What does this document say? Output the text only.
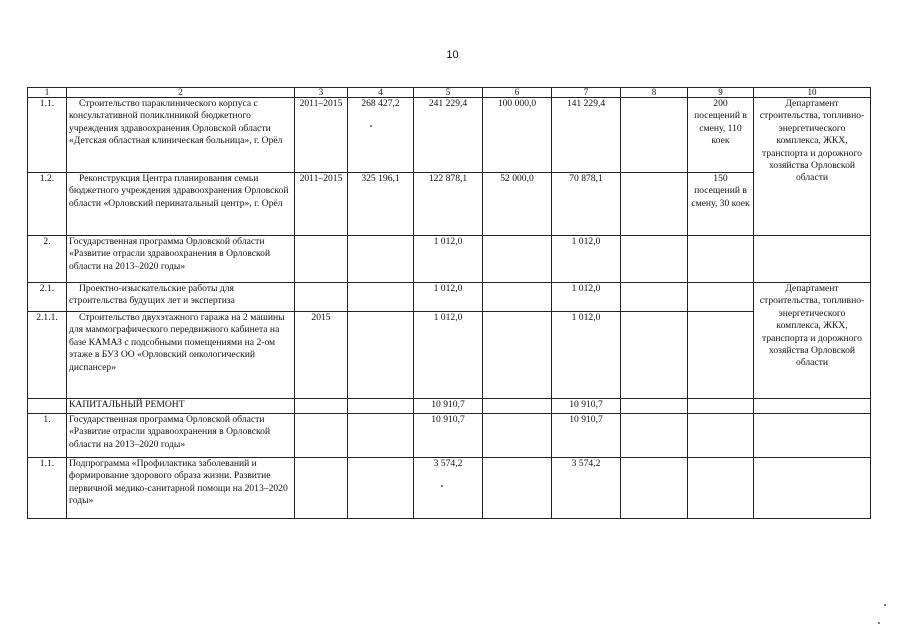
10
1	2	3	4	5	6	7	8	9	10
1.1.	Строительство параклинического корпуса с консультативной поликлиникой бюджетного учреждения здравоохранения Орловской области «Детская областная клиническая больница», г. Орёл	2011–2015	268 427,2	241 229,4	100 000,0	141 229,4		200 посещений в смену, 110 коек	Департамент строительства, топливно-энергетического комплекса, ЖКХ, транспорта и дорожного хозяйства Орловской области
1.2.	Реконструкция Центра планирования семьи бюджетного учреждения здравоохранения Орловской области «Орловский перинатальный центр», г. Орёл	2011–2015	325 196,1	122 878,1	52 000,0	70 878,1		150 посещений в смену, 30 коек	
2.	Государственная программа Орловской области «Развитие отрасли здравоохранения в Орловской области на 2013–2020 годы»			1 012,0		1 012,0			
2.1.	Проектно-изыскательские работы для строительства будущих лет и экспертиза			1 012,0		1 012,0			Департамент строительства, топливно-энергетического комплекса, ЖКХ, транспорта и дорожного хозяйства Орловской области
2.1.1.	Строительство двухэтажного гаража на 2 машины для маммографического передвижного кабинета на базе КАМАЗ с подсобными помещениями на 2-ом этаже в БУЗ ОО «Орловский онкологический диспансер»	2015		1 012,0		1 012,0			
	КАПИТАЛЬНЫЙ РЕМОНТ			10 910,7		10 910,7			
1.	Государственная программа Орловской области «Развитие отрасли здравоохранения в Орловской области на 2013–2020 годы»			10 910,7		10 910,7			
1.1.	Подпрограмма «Профилактика заболеваний и формирование здорового образа жизни. Развитие первичной медико-санитарной помощи на 2013–2020 годы»			3 574,2		3 574,2			
